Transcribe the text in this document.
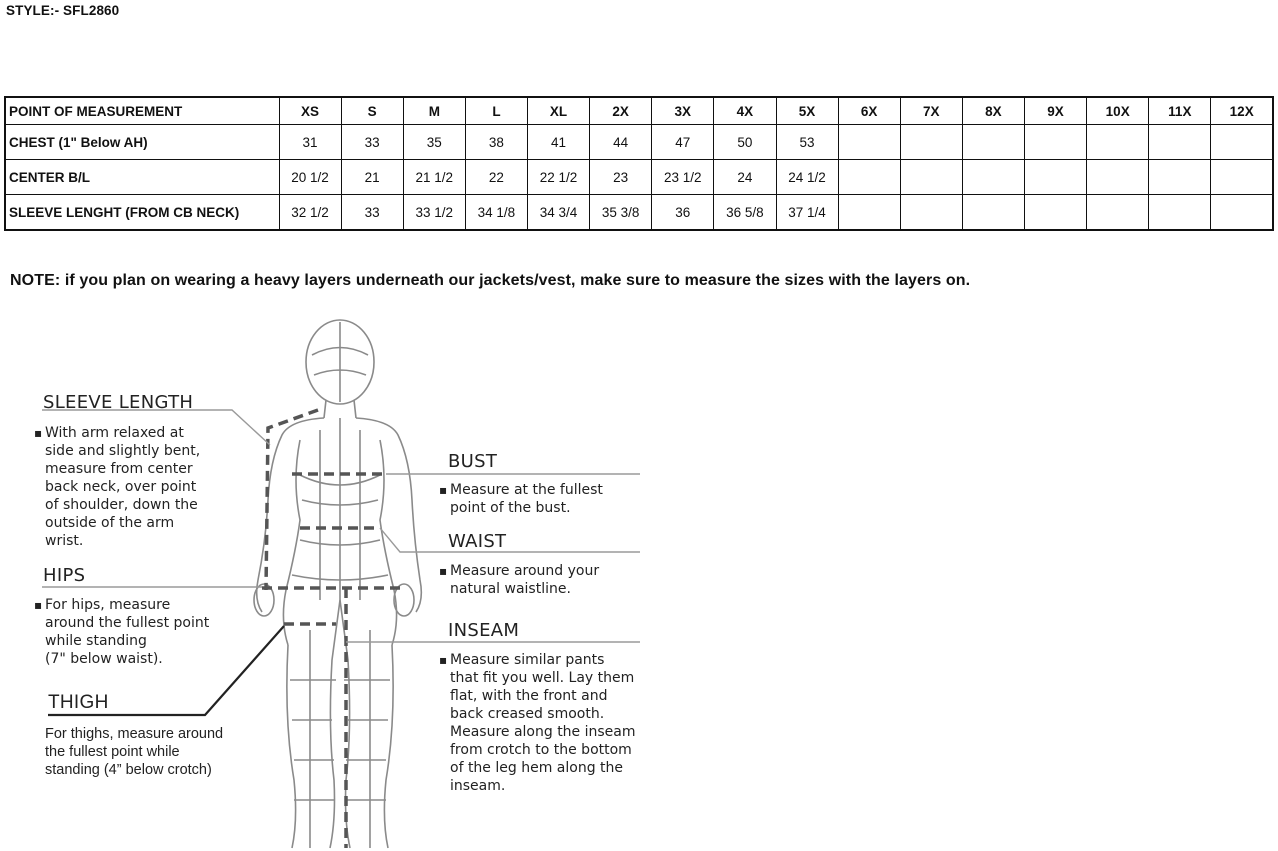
STYLE:- SFL2860
POINT OF MEASUREMENT	XS	S	M	L	XL	2X	3X	4X	5X	6X	7X	8X	9X	10X	11X	12X
CHEST (1" Below AH)	31	33	35	38	41	44	47	50	53							
CENTER B/L	20 1/2	21	21 1/2	22	22 1/2	23	23 1/2	24	24 1/2							
SLEEVE LENGHT (FROM CB NECK)	32 1/2	33	33 1/2	34 1/8	34 3/4	35 3/8	36	36 5/8	37 1/4							
NOTE: if you plan on wearing a heavy layers underneath our jackets/vest, make sure to measure the sizes with the layers on.
SLEEVE LENGTH
▪ With arm relaxed at
side and slightly bent,
measure from center
back neck, over point
of shoulder, down the
outside of the arm
wrist.
HIPS
▪ For hips, measure
around the fullest point
while standing
(7" below waist).
THIGH
For thighs, measure around
the fullest point while
standing (4” below crotch)
BUST
▪ Measure at the fullest
point of the bust.
WAIST
▪ Measure around your
natural waistline.
INSEAM
▪ Measure similar pants
that fit you well. Lay them
flat, with the front and
back creased smooth.
Measure along the inseam
from crotch to the bottom
of the leg hem along the
inseam.
